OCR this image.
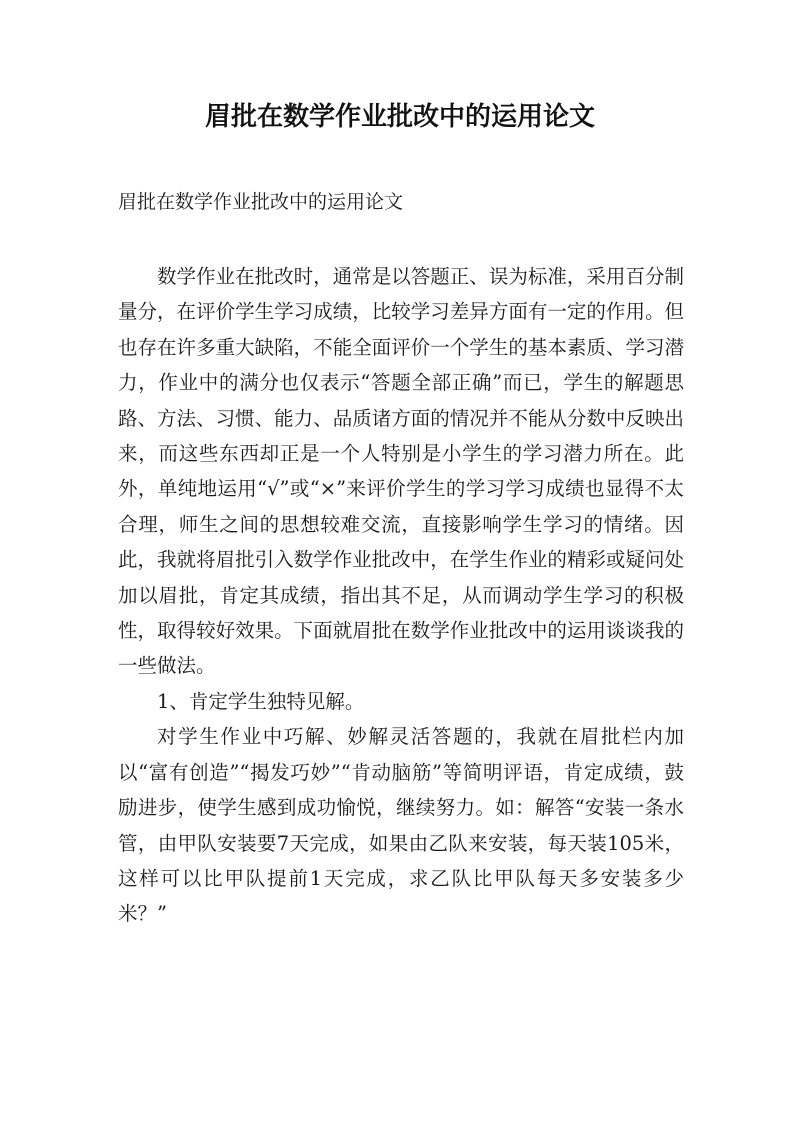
眉批在数学作业批改中的运用论文

眉批在数学作业批改中的运用论文

数学作业在批改时，通常是以答题正、误为标准，采用百分制量分，在评价学生学习成绩，比较学习差异方面有一定的作用。但也存在许多重大缺陷，不能全面评价一个学生的基本素质、学习潜力，作业中的满分也仅表示“答题全部正确”而已，学生的解题思路、方法、习惯、能力、品质诸方面的情况并不能从分数中反映出来，而这些东西却正是一个人特别是小学生的学习潜力所在。此外，单纯地运用“√”或“×”来评价学生的学习学习成绩也显得不太合理，师生之间的思想较难交流，直接影响学生学习的情绪。因此，我就将眉批引入数学作业批改中，在学生作业的精彩或疑问处加以眉批，肯定其成绩，指出其不足，从而调动学生学习的积极性，取得较好效果。下面就眉批在数学作业批改中的运用谈谈我的一些做法。

1、肯定学生独特见解。

对学生作业中巧解、妙解灵活答题的，我就在眉批栏内加以“富有创造”“揭发巧妙”“肯动脑筋”等简明评语，肯定成绩，鼓励进步，使学生感到成功愉悦，继续努力。如：解答“安装一条水管，由甲队安装要7天完成，如果由乙队来安装，每天装105米，这样可以比甲队提前1天完成，求乙队比甲队每天多安装多少米？”
